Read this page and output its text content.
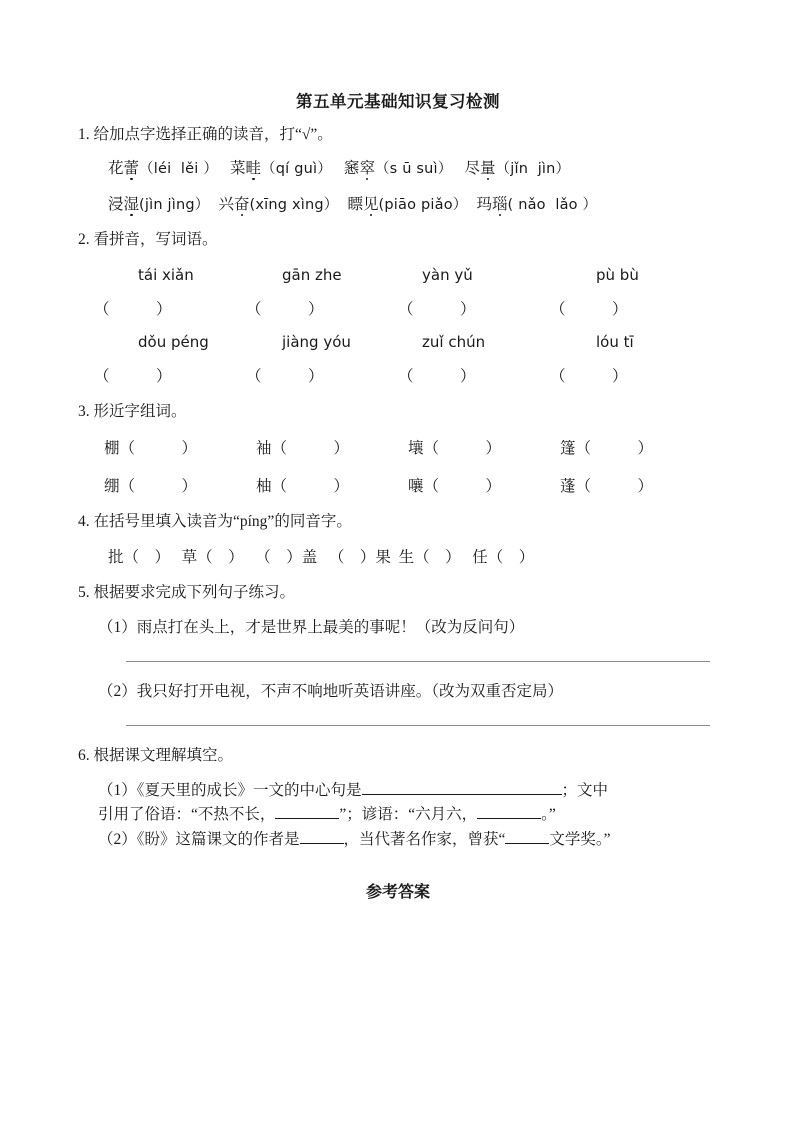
第五单元基础知识复习检测
1. 给加点字选择正确的读音，打“√”。
花蕾（léi  lěi ） 菜畦（qí guì） 窸窣（s ū suì） 尽量（jǐn  jìn）
浸湿(jìn jìng） 兴奋(xīng xìng） 瞟见(piāo piǎo） 玛瑙( nǎo  lǎo ）
2. 看拼音，写词语。
tái xiǎn	gān zhe	yàn yǔ	pù bù
（            ）	（            ）	（            ）	（            ）
dǒu péng	jiàng yóu	zuǐ chún	lóu tī
（            ）	（            ）	（            ）	（            ）
3. 形近字组词。
棚（            ）	袖（            ）	壤（            ）	篷（            ）
绷（            ）	柚（            ）	嚷（            ）	蓬（            ）
4. 在括号里填入读音为“píng”的同音字。
批（    ）   草（    ）   （    ）盖   （    ）果  生（    ）   任（    ）
5. 根据要求完成下列句子练习。
（1）雨点打在头上，才是世界上最美的事呢！（改为反问句）
（2）我只好打开电视，不声不响地听英语讲座。（改为双重否定局）
6. 根据课文理解填空。
（1）《夏天里的成长》一文的中心句是	；文中
引用了俗语：“不热不长，	”；谚语：“六月六，	。”
（2）《盼》这篇课文的作者是	，当代著名作家，曾获“	文学奖。”
参考答案
